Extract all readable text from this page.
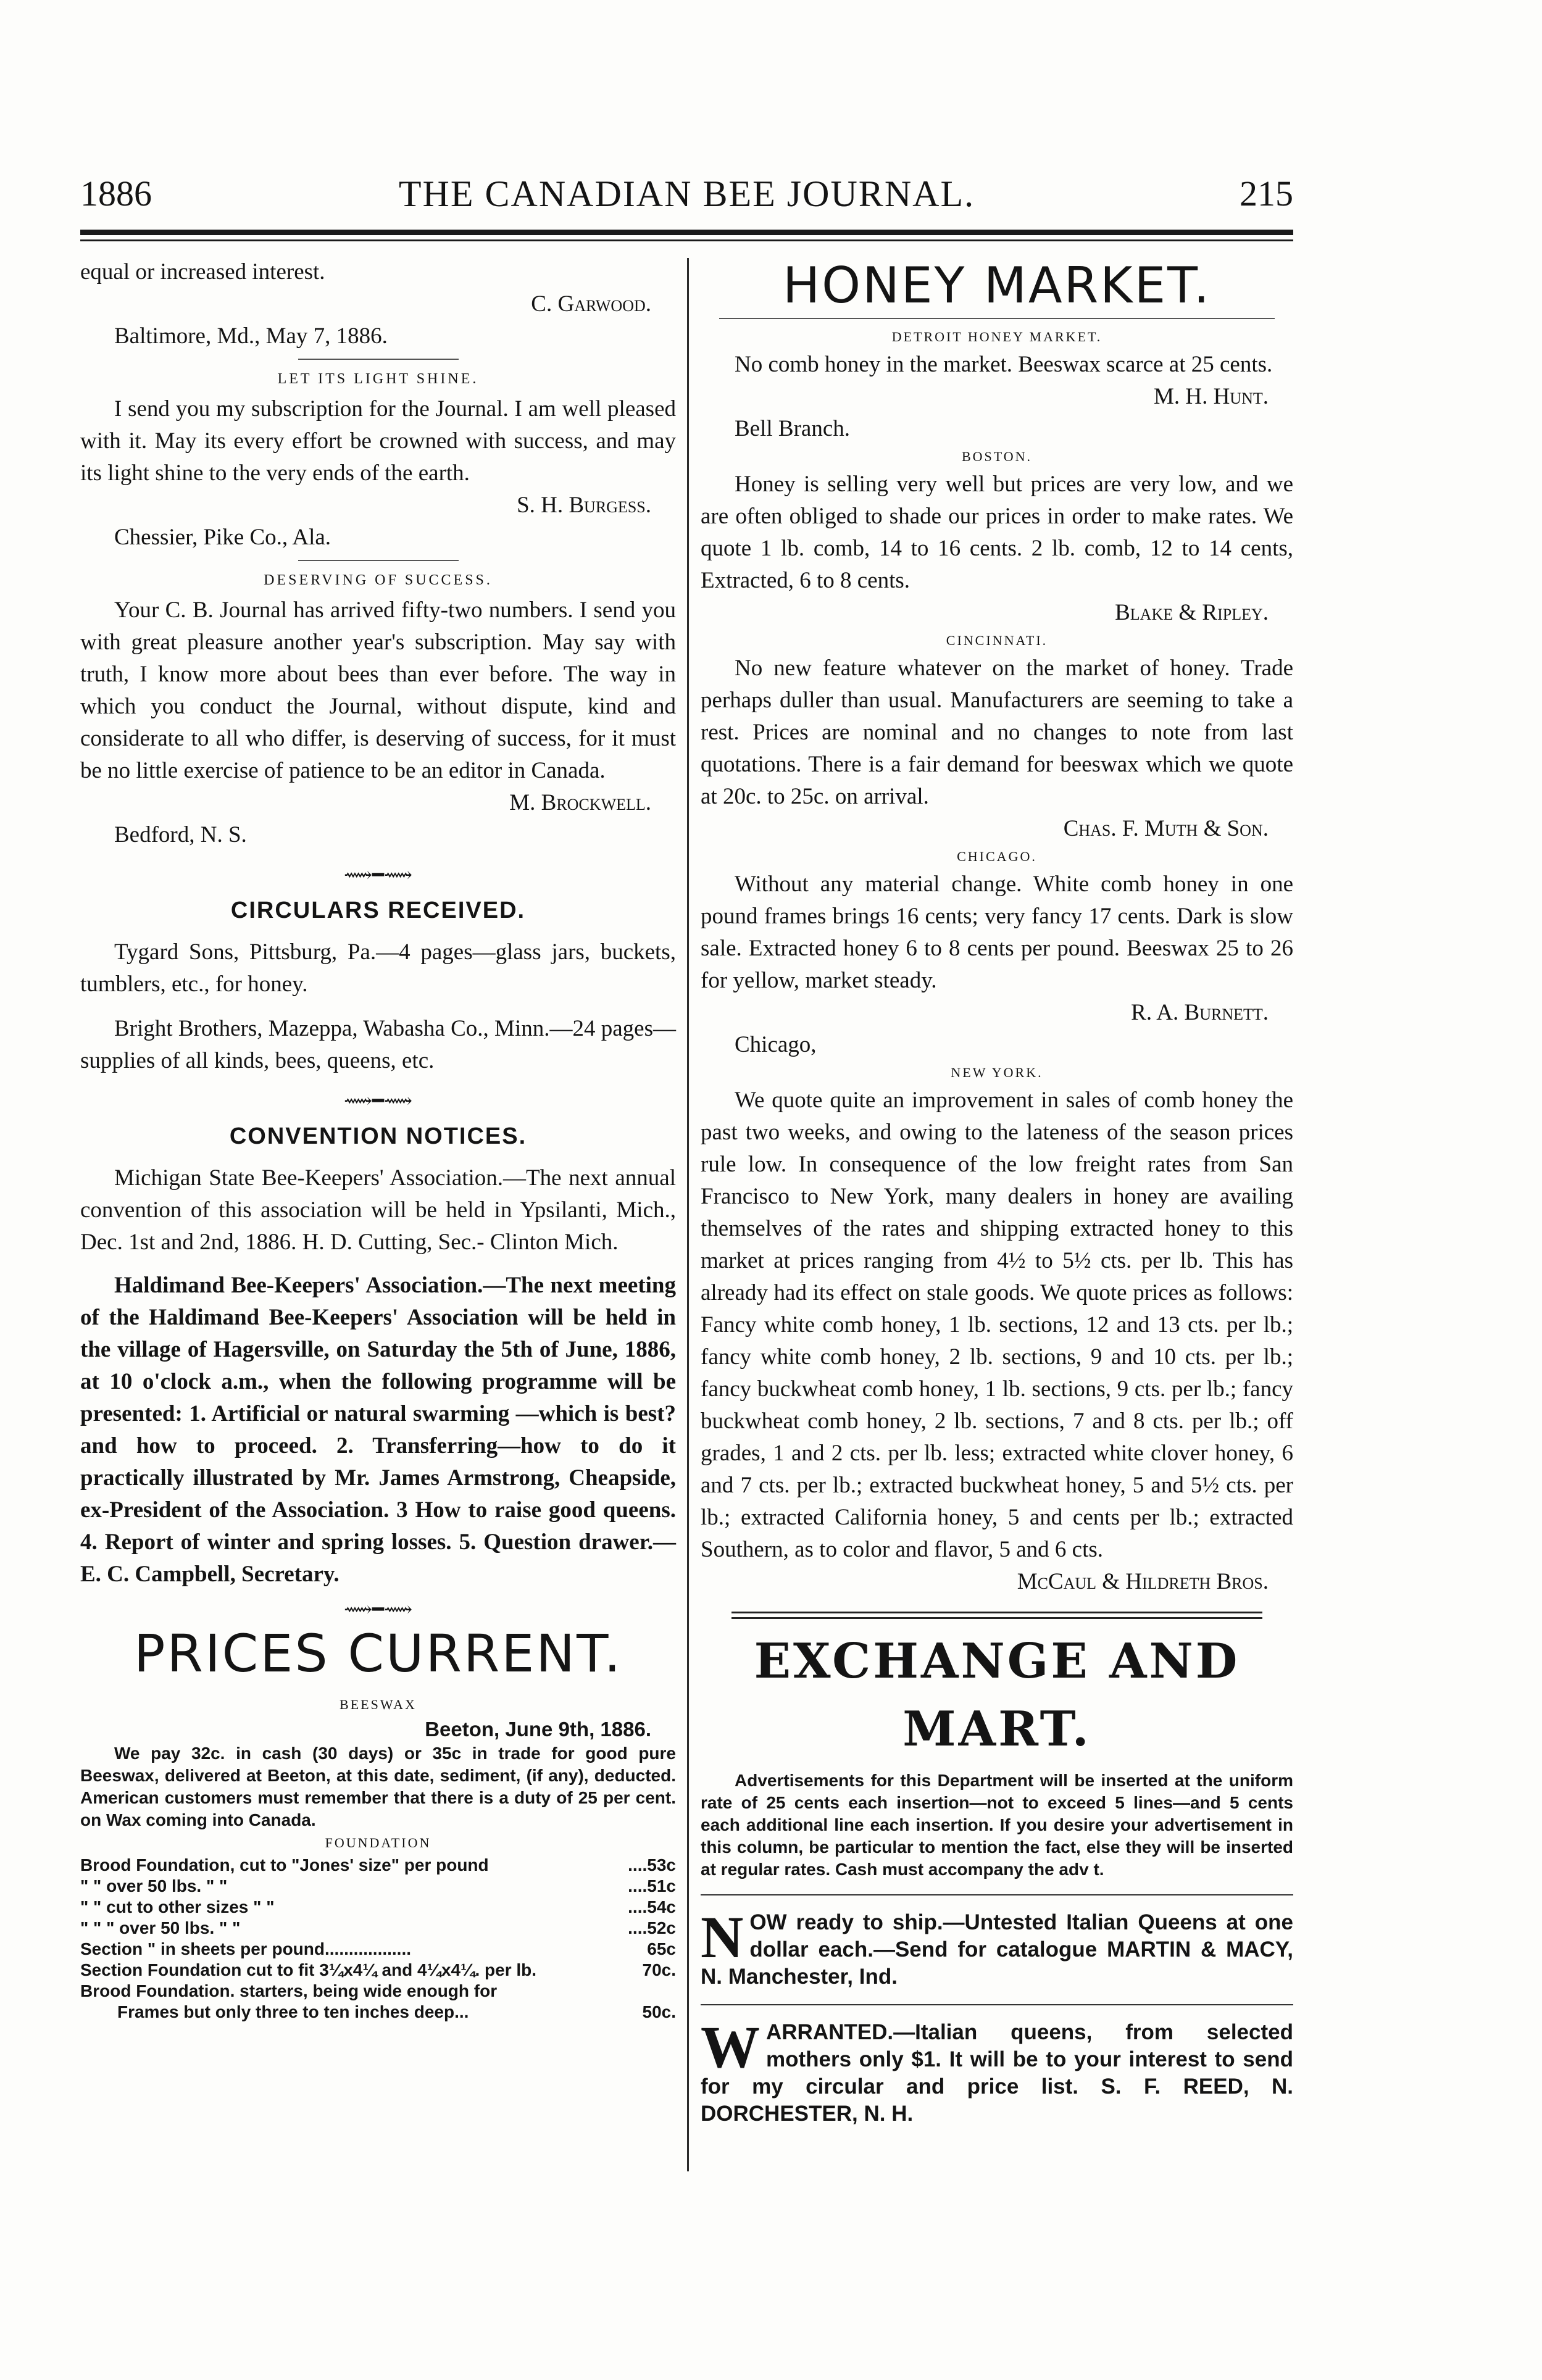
THE CANADIAN BEE JOURNAL.
1886	215

equal or increased interest.

C. Garwood.

Baltimore, Md., May 7, 1886.

LET ITS LIGHT SHINE.

I send you my subscription for the Journal. I am well pleased with it. May its every effort be crowned with success, and may its light shine to the very ends of the earth.

S. H. Burgess.

Chessier, Pike Co., Ala.

DESERVING OF SUCCESS.

Your C. B. Journal has arrived fifty-two numbers. I send you with great pleasure another year's subscription. May say with truth, I know more about bees than ever before. The way in which you conduct the Journal, without dispute, kind and considerate to all who differ, is deserving of success, for it must be no little exercise of patience to be an editor in Canada.

M. Brockwell.

Bedford, N. S.

⟿━⟿
CIRCULARS RECEIVED.

Tygard Sons, Pittsburg, Pa.—4 pages—glass jars, buckets, tumblers, etc., for honey.

Bright Brothers, Mazeppa, Wabasha Co., Minn.—24 pages—supplies of all kinds, bees, queens, etc.

⟿━⟿
CONVENTION NOTICES.

Michigan State Bee-Keepers' Association.—The next annual convention of this association will be held in Ypsilanti, Mich., Dec. 1st and 2nd, 1886. H. D. Cutting, Sec.- Clinton Mich.

Haldimand Bee-Keepers' Association.—The next meeting of the Haldimand Bee-Keepers' Association will be held in the village of Hagersville, on Saturday the 5th of June, 1886, at 10 o'clock a.m., when the following programme will be presented: 1. Artificial or natural swarming —which is best? and how to proceed. 2. Transferring—how to do it practically illustrated by Mr. James Armstrong, Cheapside, ex-President of the Association. 3 How to raise good queens. 4. Report of winter and spring losses. 5. Question drawer.—E. C. Campbell, Secretary.

⟿━⟿
PRICES CURRENT.
BEESWAX

Beeton, June 9th, 1886.

We pay 32c. in cash (30 days) or 35c in trade for good pure Beeswax, delivered at Beeton, at this date, sediment, (if any), deducted. American customers must remember that there is a duty of 25 per cent. on Wax coming into Canada.

FOUNDATION
Brood Foundation, cut to "Jones' size" per pound	....53c
" " over 50 lbs. " "	....51c
" " cut to other sizes " "	....54c
" " " over 50 lbs. " "	....52c
Section " in sheets per pound..................	65c
Section Foundation cut to fit 3¼x4¼ and 4¼x4¼. per lb.	70c.
Brood Foundation. starters, being wide enough for
Frames but only three to ten inches deep...	50c.
HONEY MARKET.
DETROIT HONEY MARKET.

No comb honey in the market. Beeswax scarce at 25 cents.

M. H. Hunt.

Bell Branch.

BOSTON.

Honey is selling very well but prices are very low, and we are often obliged to shade our prices in order to make rates. We quote 1 lb. comb, 14 to 16 cents. 2 lb. comb, 12 to 14 cents, Extracted, 6 to 8 cents.

Blake & Ripley.

CINCINNATI.

No new feature whatever on the market of honey. Trade perhaps duller than usual. Manufacturers are seeming to take a rest. Prices are nominal and no changes to note from last quotations. There is a fair demand for beeswax which we quote at 20c. to 25c. on arrival.

Chas. F. Muth & Son.

CHICAGO.

Without any material change. White comb honey in one pound frames brings 16 cents; very fancy 17 cents. Dark is slow sale. Extracted honey 6 to 8 cents per pound. Beeswax 25 to 26 for yellow, market steady.

R. A. Burnett.

Chicago,

NEW YORK.

We quote quite an improvement in sales of comb honey the past two weeks, and owing to the lateness of the season prices rule low. In consequence of the low freight rates from San Francisco to New York, many dealers in honey are availing themselves of the rates and shipping extracted honey to this market at prices ranging from 4½ to 5½ cts. per lb. This has already had its effect on stale goods. We quote prices as follows: Fancy white comb honey, 1 lb. sections, 12 and 13 cts. per lb.; fancy white comb honey, 2 lb. sections, 9 and 10 cts. per lb.; fancy buckwheat comb honey, 1 lb. sections, 9 cts. per lb.; fancy buckwheat comb honey, 2 lb. sections, 7 and 8 cts. per lb.; off grades, 1 and 2 cts. per lb. less; extracted white clover honey, 6 and 7 cts. per lb.; extracted buckwheat honey, 5 and 5½ cts. per lb.; extracted California honey, 5 and cents per lb.; extracted Southern, as to color and flavor, 5 and 6 cts.

McCaul & Hildreth Bros.

EXCHANGE AND MART.

Advertisements for this Department will be inserted at the uniform rate of 25 cents each insertion—not to exceed 5 lines—and 5 cents each additional line each insertion. If you desire your advertisement in this column, be particular to mention the fact, else they will be inserted at regular rates. Cash must accompany the adv t.

N OW ready to ship.—Untested Italian Queens at one dollar each.—Send for catalogue MARTIN & MACY, N. Manchester, Ind.

W ARRANTED.—Italian queens, from selected mothers only $1. It will be to your interest to send for my circular and price list. S. F. REED, N. DORCHESTER, N. H.
